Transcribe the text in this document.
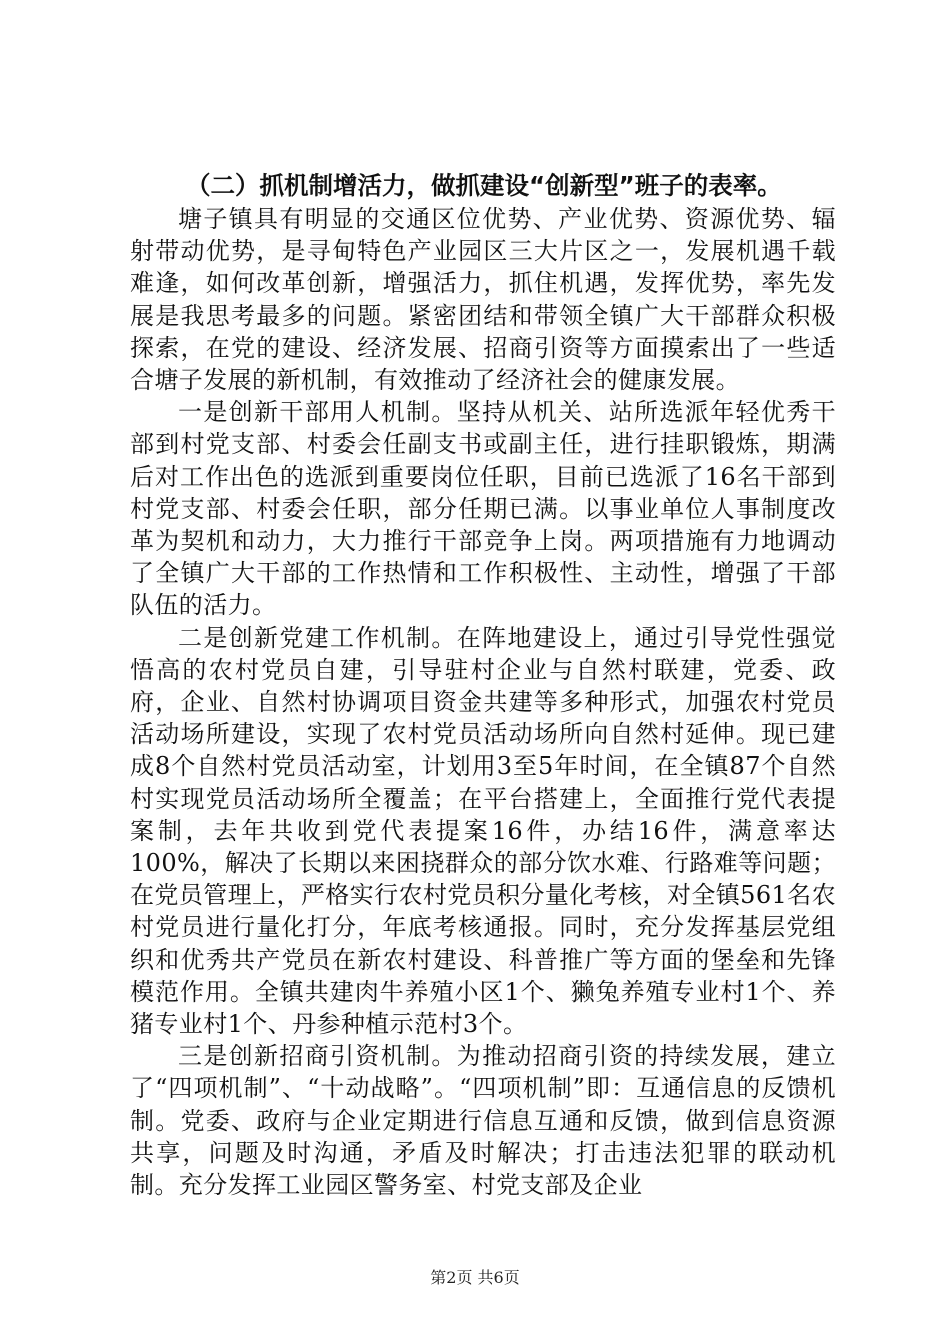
（二）抓机制增活力，做抓建设“创新型”班子的表率。

塘子镇具有明显的交通区位优势、产业优势、资源优势、辐射带动优势，是寻甸特色产业园区三大片区之一，发展机遇千载难逢，如何改革创新，增强活力，抓住机遇，发挥优势，率先发展是我思考最多的问题。紧密团结和带领全镇广大干部群众积极探索，在党的建设、经济发展、招商引资等方面摸索出了一些适合塘子发展的新机制，有效推动了经济社会的健康发展。

一是创新干部用人机制。坚持从机关、站所选派年轻优秀干部到村党支部、村委会任副支书或副主任，进行挂职锻炼，期满后对工作出色的选派到重要岗位任职，目前已选派了16名干部到村党支部、村委会任职，部分任期已满。以事业单位人事制度改革为契机和动力，大力推行干部竞争上岗。两项措施有力地调动了全镇广大干部的工作热情和工作积极性、主动性，增强了干部队伍的活力。

二是创新党建工作机制。在阵地建设上，通过引导党性强觉悟高的农村党员自建，引导驻村企业与自然村联建，党委、政府，企业、自然村协调项目资金共建等多种形式，加强农村党员活动场所建设，实现了农村党员活动场所向自然村延伸。现已建成8个自然村党员活动室，计划用3至5年时间，在全镇87个自然村实现党员活动场所全覆盖；在平台搭建上，全面推行党代表提案制，去年共收到党代表提案16件，办结16件，满意率达100%，解决了长期以来困挠群众的部分饮水难、行路难等问题；在党员管理上，严格实行农村党员积分量化考核，对全镇561名农村党员进行量化打分，年底考核通报。同时，充分发挥基层党组织和优秀共产党员在新农村建设、科普推广等方面的堡垒和先锋模范作用。全镇共建肉牛养殖小区1个、獭兔养殖专业村1个、养猪专业村1个、丹参种植示范村3个。

三是创新招商引资机制。为推动招商引资的持续发展，建立了“四项机制”、“十动战略”。“四项机制”即：互通信息的反馈机制。党委、政府与企业定期进行信息互通和反馈，做到信息资源共享，问题及时沟通，矛盾及时解决；打击违法犯罪的联动机制。充分发挥工业园区警务室、村党支部及企业

第2页 共6页
